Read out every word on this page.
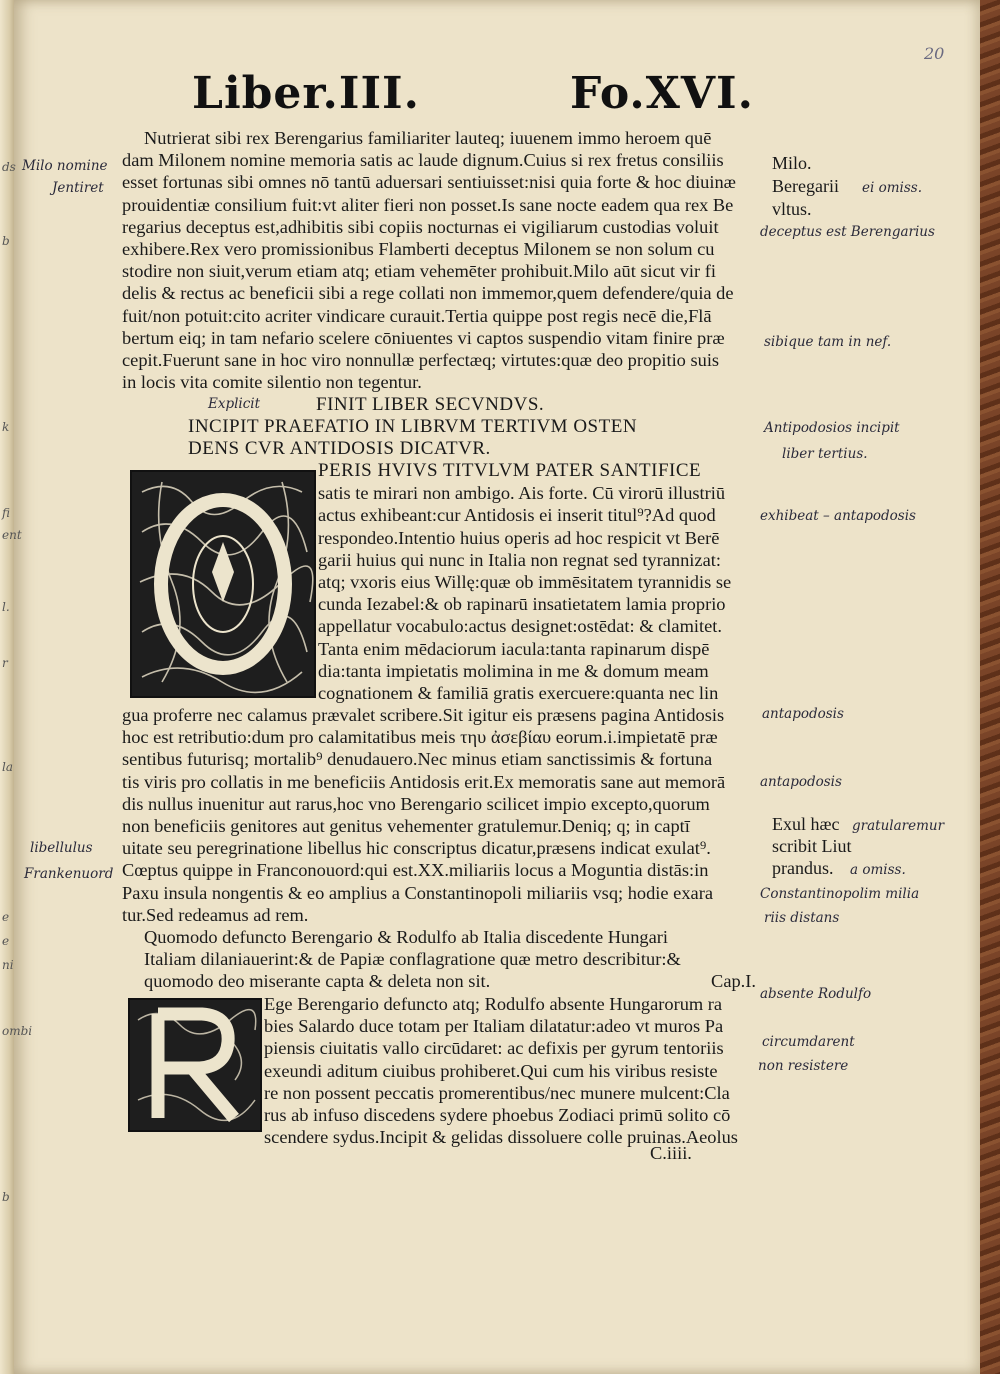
ds
b
k
fi
ent
l.
r
la
e
e
ni
ombi
b
20
Liber.III.	Fo.XVI.
Nutrierat sibi rex Berengarius familiariter lauteq; iuuenem immo heroem quē
dam Milonem nomine memoria satis ac laude dignum.Cuius si rex fretus consiliis
esset fortunas sibi omnes nō tantū aduersari sentiuisset:nisi quia forte & hoc diuinæ
prouidentiæ consilium fuit:vt aliter fieri non posset.Is sane nocte eadem qua rex Be
regarius deceptus est,adhibitis sibi copiis nocturnas ei vigiliarum custodias voluit
exhibere.Rex vero promissionibus Flamberti deceptus Milonem se non solum cu
stodire non siuit,verum etiam atq; etiam vehemēter prohibuit.Milo aūt sicut vir fi
delis & rectus ac beneficii sibi a rege collati non immemor,quem defendere/quia de
fuit/non potuit:cito acriter vindicare curauit.Tertia quippe post regis necē die,Flā
bertum eiq; in tam nefario scelere cōniuentes vi captos suspendio vitam finire præ
cepit.Fuerunt sane in hoc viro nonnullæ perfectæq; virtutes:quæ deo propitio suis
in locis vita comite silentio non tegentur.
FINIT LIBER SECVNDVS.
INCIPIT PRAEFATIO IN LIBRVM TERTIVM OSTEN
DENS CVR ANTIDOSIS DICATVR.
PERIS HVIVS TITVLVM PATER SANTIFICE
satis te mirari non ambigo. Ais forte. Cū virorū illustriū
actus exhibeant:cur Antidosis ei inserit titul⁹?Ad quod
respondeo.Intentio huius operis ad hoc respicit vt Berē
garii huius qui nunc in Italia non regnat sed tyrannizat:
atq; vxoris eius Willę:quæ ob immēsitatem tyrannidis se
cunda Iezabel:& ob rapinarū insatietatem lamia proprio
appellatur vocabulo:actus designet:ostēdat: & clamitet.
Tanta enim mēdaciorum iacula:tanta rapinarum dispē
dia:tanta impietatis molimina in me & domum meam
cognationem & familiā gratis exercuere:quanta nec lin
gua proferre nec calamus prævalet scribere.Sit igitur eis præsens pagina Antidosis
hoc est retributio:dum pro calamitatibus meis τηυ ἀσεβίαυ eorum.i.impietatē præ
sentibus futurisq; mortalib⁹ denudauero.Nec minus etiam sanctissimis & fortuna
tis viris pro collatis in me beneficiis Antidosis erit.Ex memoratis sane aut memorā
dis nullus inuenitur aut rarus,hoc vno Berengario scilicet impio excepto,quorum
non beneficiis genitores aut genitus vehementer gratulemur.Deniq; q; in captī
uitate seu peregrinatione libellus hic conscriptus dicatur,præsens indicat exulat⁹.
Cœptus quippe in Franconouord:qui est.XX.miliariis locus a Moguntia distās:in
Paxu insula nongentis & eo amplius a Constantinopoli miliariis vsq; hodie exara
tur.Sed redeamus ad rem.
Quomodo defuncto Berengario & Rodulfo ab Italia discedente Hungari
Italiam dilaniauerint:& de Papiæ conflagratione quæ metro describitur:&
quomodo deo miserante capta & deleta non sit.	Cap.I.
Ege Berengario defuncto atq; Rodulfo absente Hungarorum ra
bies Salardo duce totam per Italiam dilatatur:adeo vt muros Pa
piensis ciuitatis vallo circūdaret: ac defixis per gyrum tentoriis
exeundi aditum ciuibus prohiberet.Qui cum his viribus resiste
re non possent peccatis promerentibus/nec munere mulcent:Cla
rus ab infuso discedens sydere phoebus Zodiaci primū solito cō
scendere sydus.Incipit & gelidas dissoluere colle pruinas.Aeolus
C.iiii.
Milo.
Beregarii
vltus.
Exul hæc
scribit Liut
prandus.
Milo nomine
Jentiret
libellulus
Frankenuord
ei omiss.
deceptus est Berengarius
sibique tam in nef.
Explicit
Antipodosios incipit
liber tertius.
exhibeat – antapodosis
antapodosis
antapodosis
gratularemur
a omiss.
Constantinopolim milia
riis distans
absente Rodulfo
circumdarent
non resistere
